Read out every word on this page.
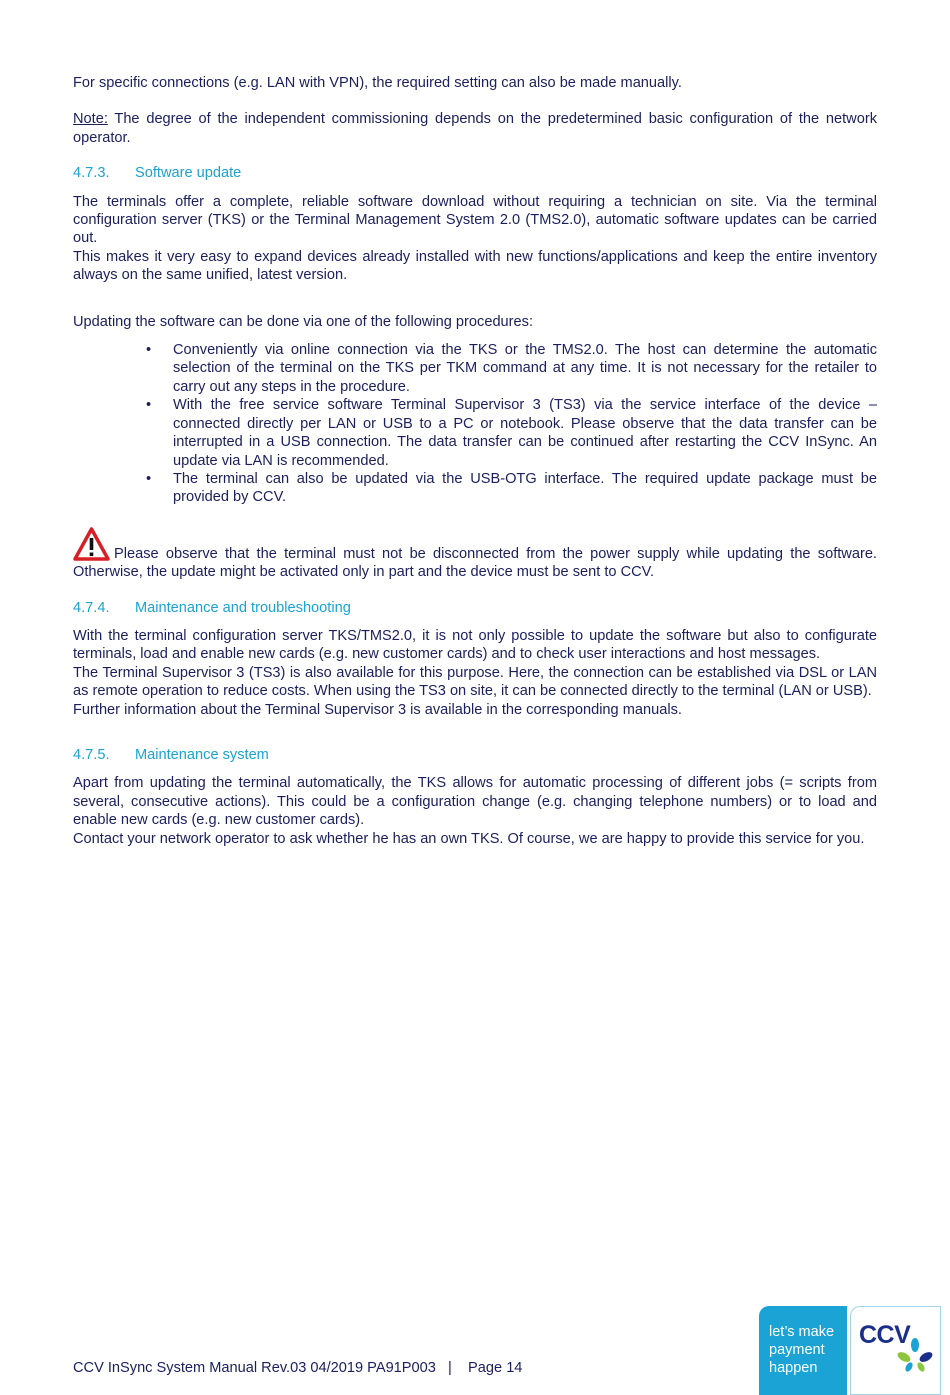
For specific connections (e.g. LAN with VPN), the required setting can also be made manually.

Note: The degree of the independent commissioning depends on the predetermined basic configuration of the network operator.

4.7.3. Software update

The terminals offer a complete, reliable software download without requiring a technician on site. Via the terminal configuration server (TKS) or the Terminal Management System 2.0 (TMS2.0), automatic software updates can be carried out.

This makes it very easy to expand devices already installed with new functions/applications and keep the entire inventory always on the same unified, latest version.

Updating the software can be done via one of the following procedures:

• Conveniently via online connection via the TKS or the TMS2.0. The host can determine the automatic selection of the terminal on the TKS per TKM command at any time. It is not necessary for the retailer to carry out any steps in the procedure.
• With the free service software Terminal Supervisor 3 (TS3) via the service interface of the device – connected directly per LAN or USB to a PC or notebook. Please observe that the data transfer can be interrupted in a USB connection. The data transfer can be continued after restarting the CCV InSync. An update via LAN is recommended.
• The terminal can also be updated via the USB-OTG interface. The required update package must be provided by CCV.

Please observe that the terminal must not be disconnected from the power supply while updating the software. Otherwise, the update might be activated only in part and the device must be sent to CCV.

4.7.4. Maintenance and troubleshooting

With the terminal configuration server TKS/TMS2.0, it is not only possible to update the software but also to configurate terminals, load and enable new cards (e.g. new customer cards) and to check user interactions and host messages.

The Terminal Supervisor 3 (TS3) is also available for this purpose. Here, the connection can be established via DSL or LAN as remote operation to reduce costs. When using the TS3 on site, it can be connected directly to the terminal (LAN or USB).

Further information about the Terminal Supervisor 3 is available in the corresponding manuals.

4.7.5. Maintenance system

Apart from updating the terminal automatically, the TKS allows for automatic processing of different jobs (= scripts from several, consecutive actions). This could be a configuration change (e.g. changing telephone numbers) or to load and enable new cards (e.g. new customer cards).

Contact your network operator to ask whether he has an own TKS. Of course, we are happy to provide this service for you.

CCV InSync System Manual Rev.03 04/2019 PA91P003   |    Page 14
let’s make
payment
happen
CCV
